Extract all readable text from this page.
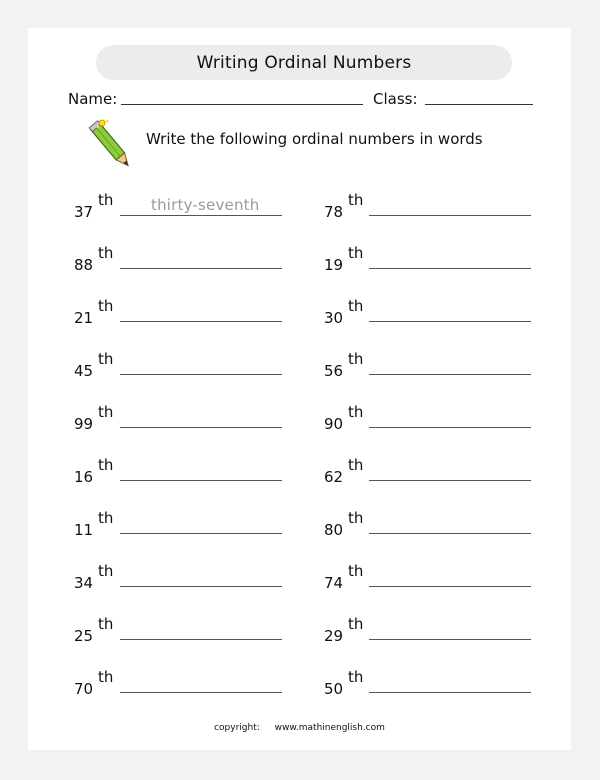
Writing Ordinal Numbers
Name:	Class:
Write the following ordinal numbers in words
37
th	thirty-seventh
88
th
21
th
45
th
99
th
16
th
11
th
34
th
25
th
70
th
78
th
19
th
30
th
56
th
90
th
62
th
80
th
74
th
29
th
50
th
copyright: www.mathinenglish.com
